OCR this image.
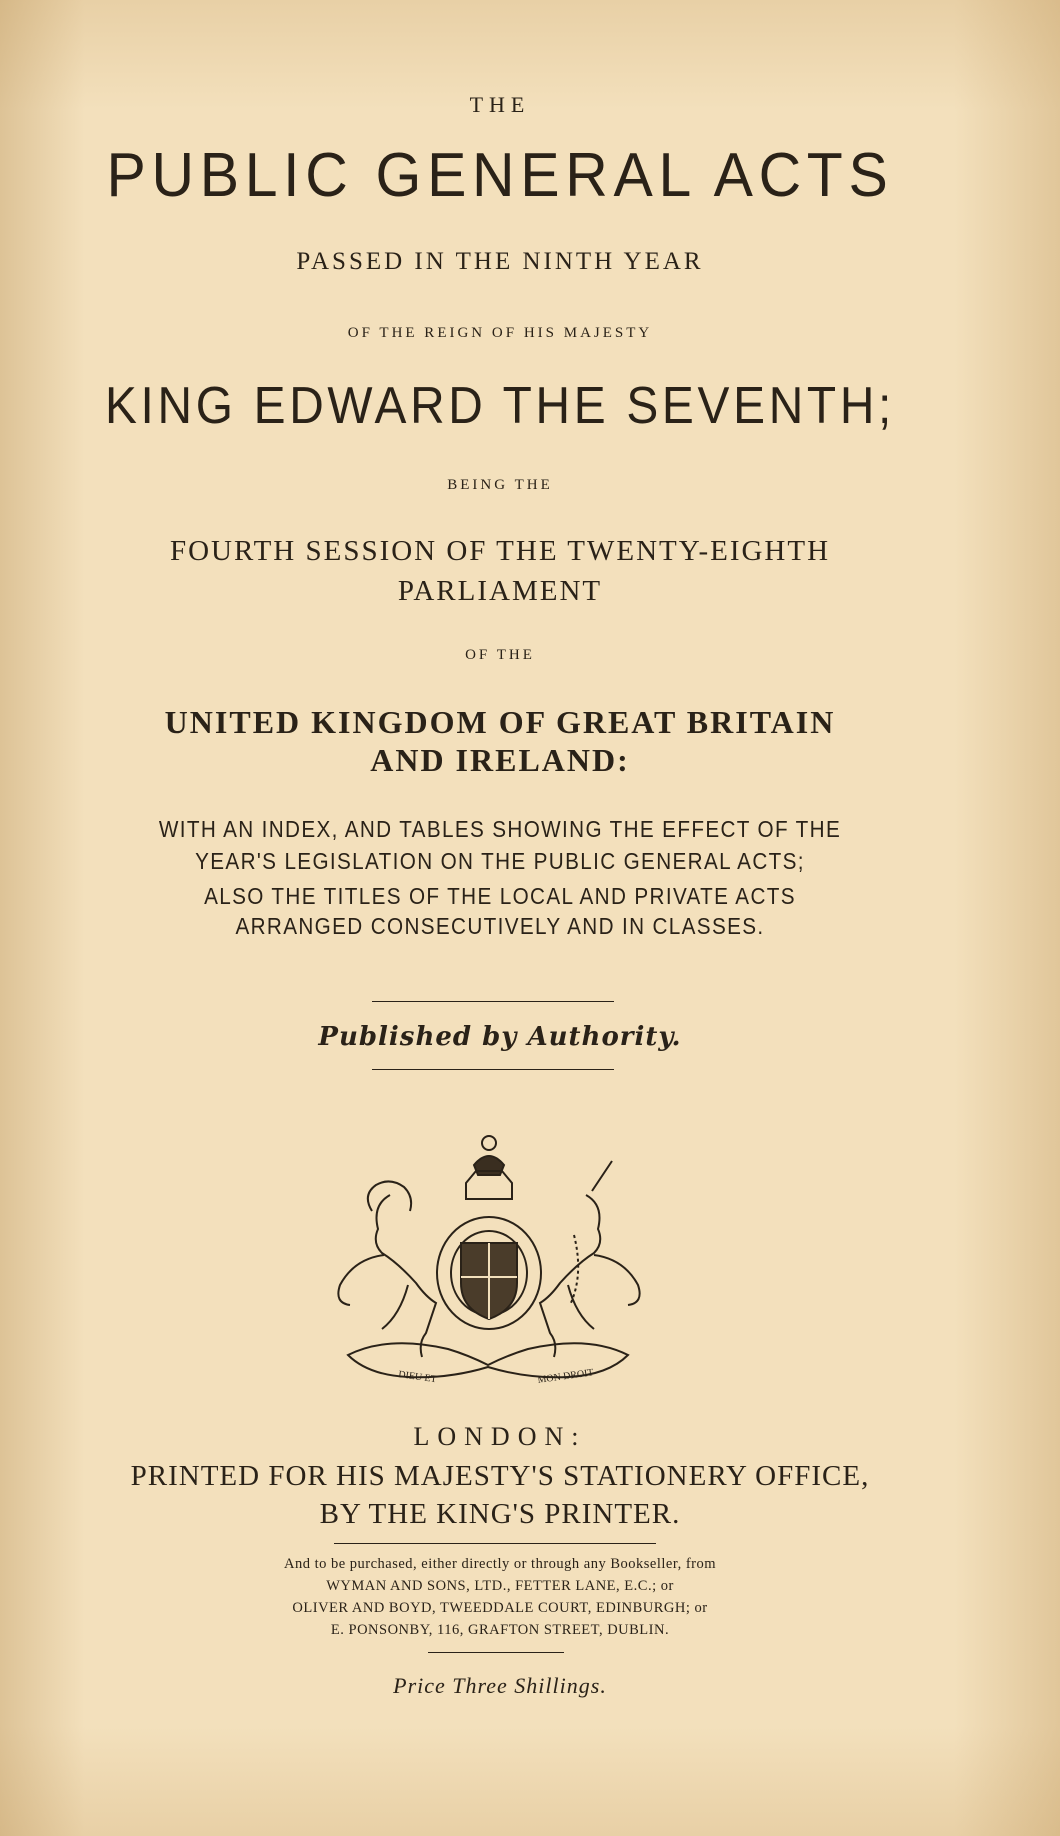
THE
PUBLIC GENERAL ACTS
PASSED IN THE NINTH YEAR
OF THE REIGN OF HIS MAJESTY
KING EDWARD THE SEVENTH;
BEING THE
FOURTH SESSION OF THE TWENTY-EIGHTH
PARLIAMENT
OF THE
UNITED KINGDOM OF GREAT BRITAIN
AND IRELAND:
WITH AN INDEX, AND TABLES SHOWING THE EFFECT OF THE
YEAR'S LEGISLATION ON THE PUBLIC GENERAL ACTS;
ALSO THE TITLES OF THE LOCAL AND PRIVATE ACTS
ARRANGED CONSECUTIVELY AND IN CLASSES.
Published by Authority.
DIEU ET	MON DROIT
LONDON:
PRINTED FOR HIS MAJESTY'S STATIONERY OFFICE,
BY THE KING'S PRINTER.
And to be purchased, either directly or through any Bookseller, from
WYMAN AND SONS, LTD., FETTER LANE, E.C.; or
OLIVER AND BOYD, TWEEDDALE COURT, EDINBURGH; or
E. PONSONBY, 116, GRAFTON STREET, DUBLIN.
Price Three Shillings.
